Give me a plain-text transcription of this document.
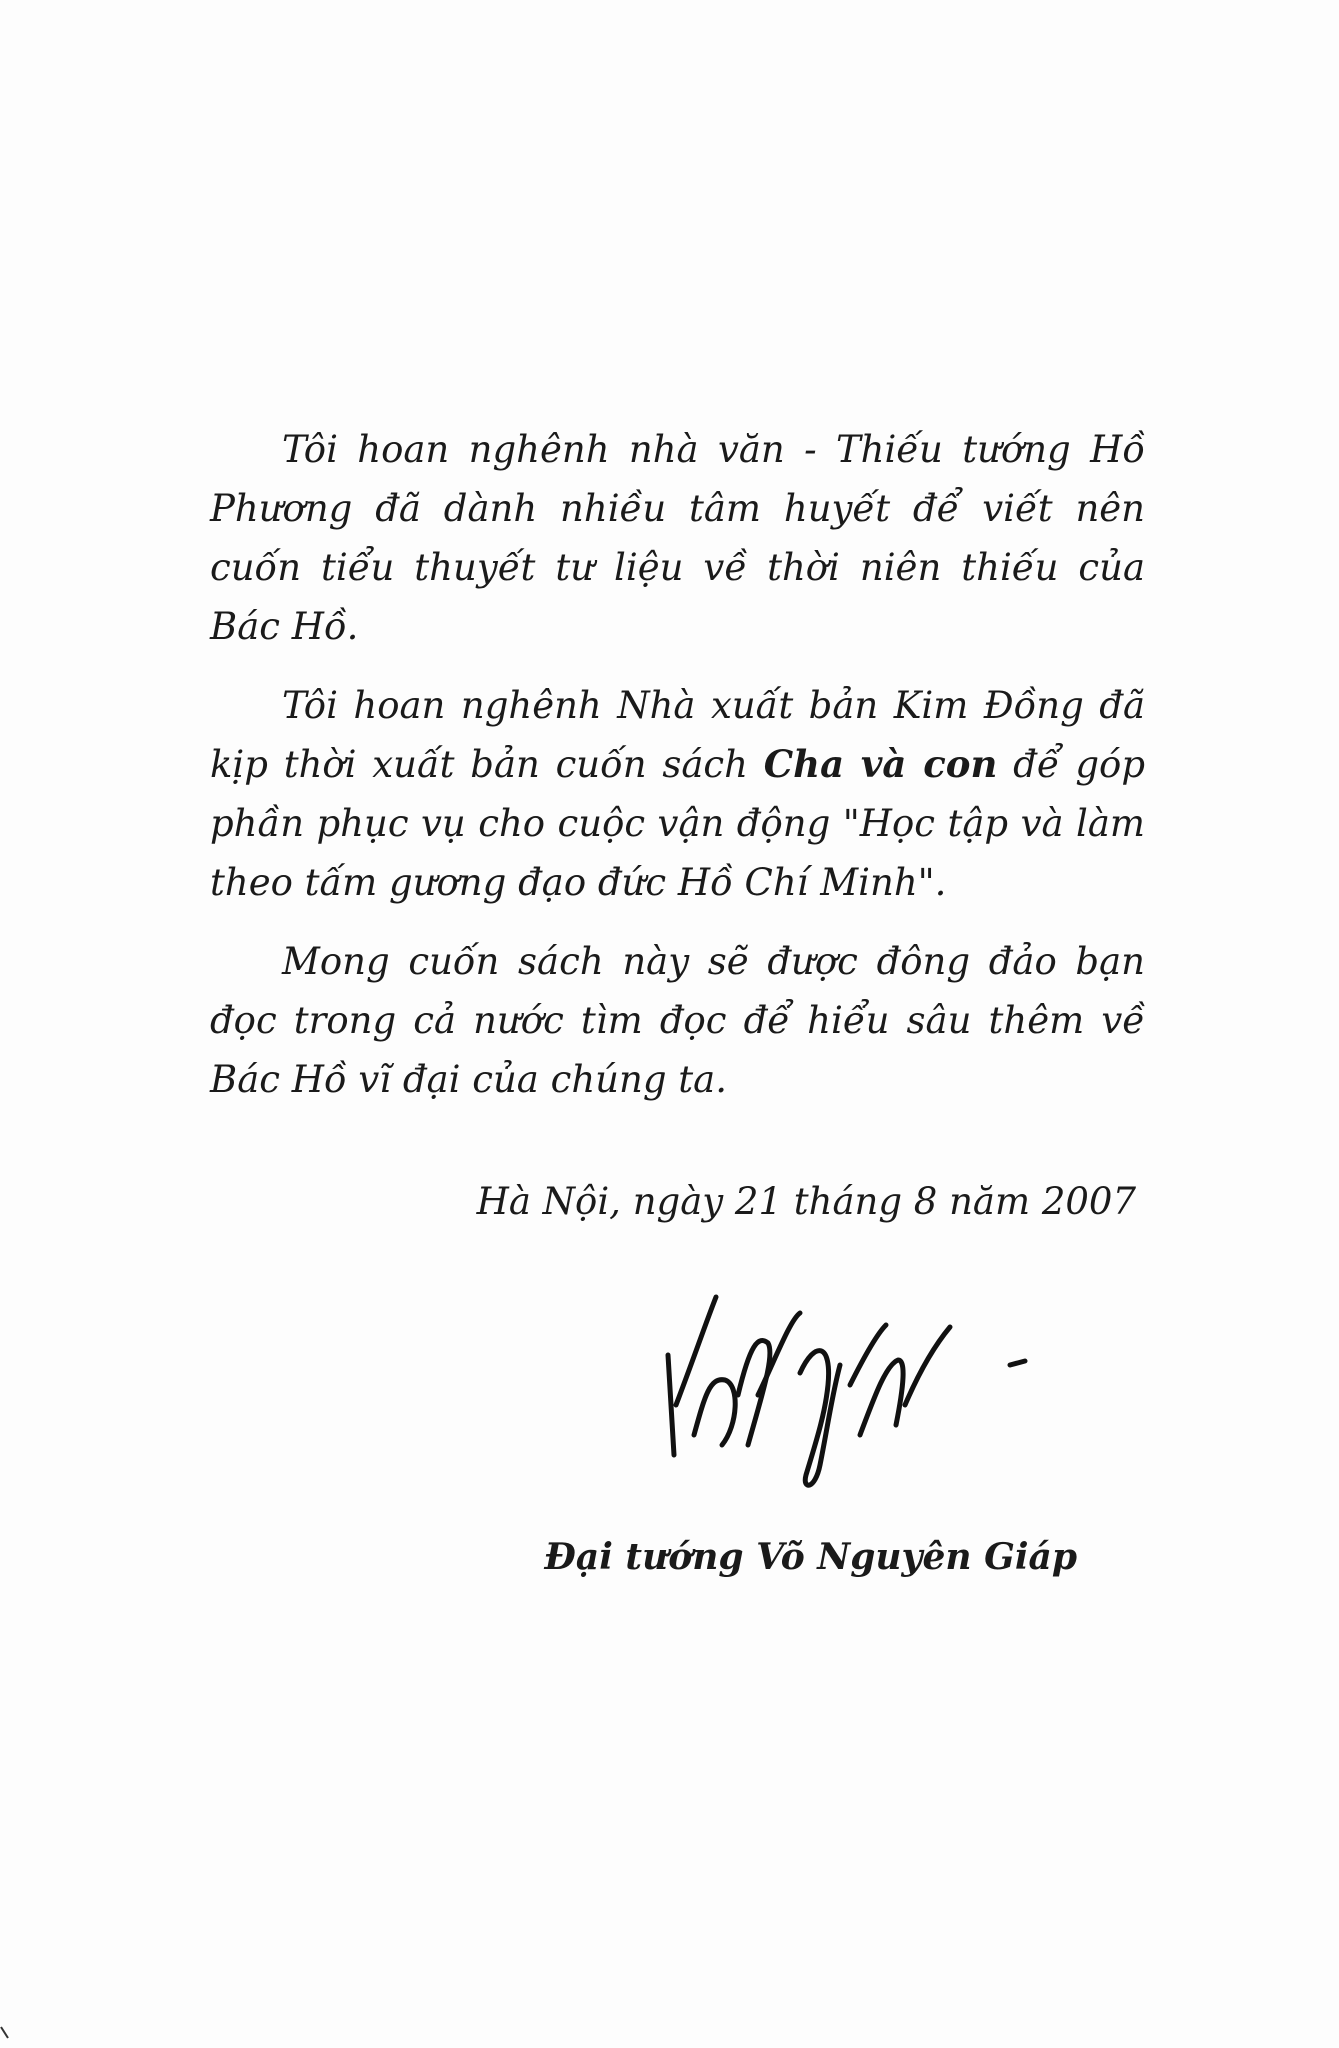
Tôi hoan nghênh nhà văn - Thiếu tướng Hồ Phương đã dành nhiều tâm huyết để viết nên cuốn tiểu thuyết tư liệu về thời niên thiếu của Bác Hồ.

Tôi hoan nghênh Nhà xuất bản Kim Đồng đã kịp thời xuất bản cuốn sách Cha và con để góp phần phục vụ cho cuộc vận động "Học tập và làm theo tấm gương đạo đức Hồ Chí Minh".

Mong cuốn sách này sẽ được đông đảo bạn đọc trong cả nước tìm đọc để hiểu sâu thêm về Bác Hồ vĩ đại của chúng ta.

Hà Nội, ngày 21 tháng 8 năm 2007
Đại tướng Võ Nguyên Giáp
